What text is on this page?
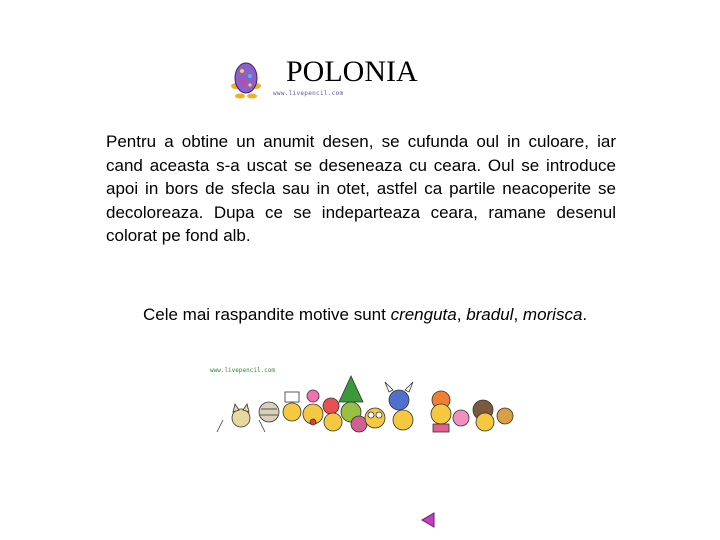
www.livepencil.com
POLONIA
Pentru a obtine un anumit desen, se cufunda oul in culoare, iar cand aceasta s-a uscat se deseneaza cu ceara. Oul se introduce apoi in bors de sfecla sau in otet, astfel ca partile neacoperite se decoloreaza. Dupa ce se indeparteaza ceara, ramane desenul colorat pe fond alb.
Cele mai raspandite motive sunt crenguta, bradul, morisca.
www.livepencil.com
